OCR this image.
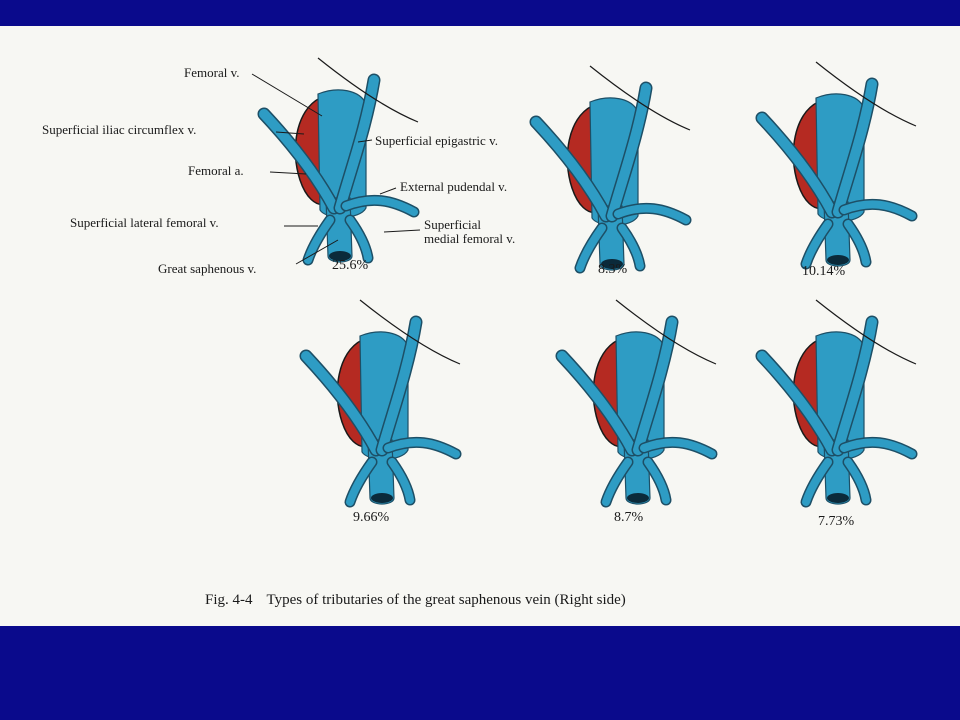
Femoral v.
Superficial iliac circumflex v.
Femoral a.
Superficial lateral femoral v.
Great saphenous v.
Superficial epigastric v.
External pudendal v.
Superficial
medial femoral v.
25.6%	8.3%	10.14%
9.66%	8.7%	7.73%
Fig. 4-4 Types of tributaries of the great saphenous vein (Right side)
